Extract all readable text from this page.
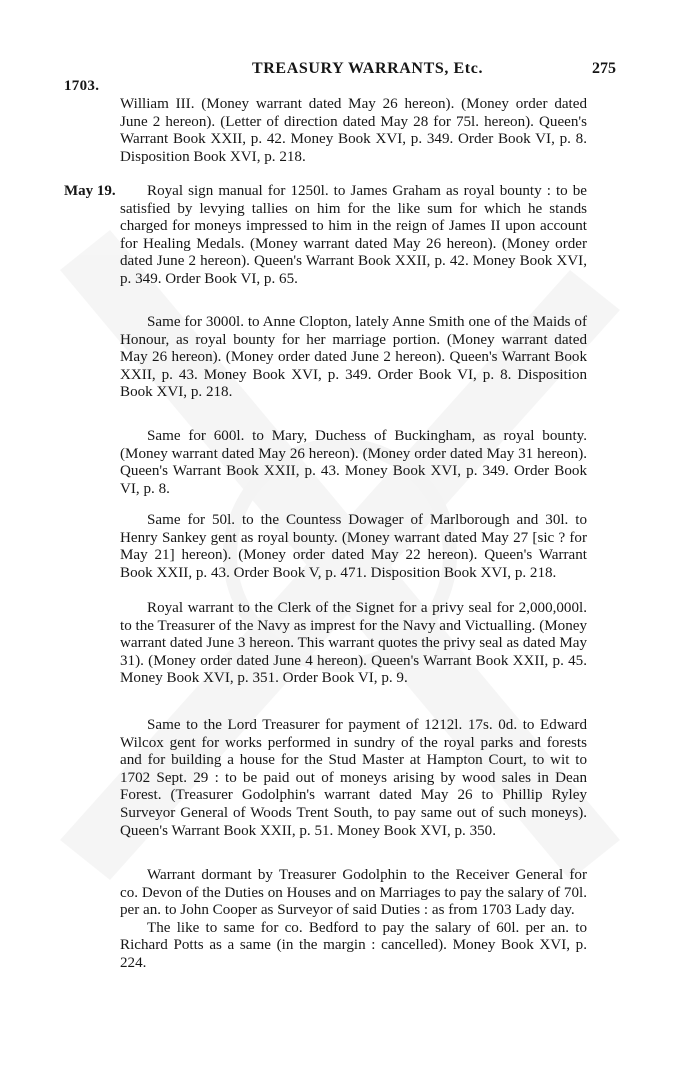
1703.
TREASURY WARRANTS, Etc.	275
May 19.

William III. (Money warrant dated May 26 hereon). (Money order dated June 2 hereon). (Letter of direction dated May 28 for 75l. hereon). Queen's Warrant Book XXII, p. 42. Money Book XVI, p. 349. Order Book VI, p. 8. Disposition Book XVI, p. 218.

Royal sign manual for 1250l. to James Graham as royal bounty : to be satisfied by levying tallies on him for the like sum for which he stands charged for moneys impressed to him in the reign of James II upon account for Healing Medals. (Money warrant dated May 26 hereon). (Money order dated June 2 hereon). Queen's Warrant Book XXII, p. 42. Money Book XVI, p. 349. Order Book VI, p. 65.

Same for 3000l. to Anne Clopton, lately Anne Smith one of the Maids of Honour, as royal bounty for her marriage portion. (Money warrant dated May 26 hereon). (Money order dated June 2 hereon). Queen's Warrant Book XXII, p. 43. Money Book XVI, p. 349. Order Book VI, p. 8. Disposition Book XVI, p. 218.

Same for 600l. to Mary, Duchess of Buckingham, as royal bounty. (Money warrant dated May 26 hereon). (Money order dated May 31 hereon). Queen's Warrant Book XXII, p. 43. Money Book XVI, p. 349. Order Book VI, p. 8.

Same for 50l. to the Countess Dowager of Marlborough and 30l. to Henry Sankey gent as royal bounty. (Money warrant dated May 27 [sic ? for May 21] hereon). (Money order dated May 22 hereon). Queen's Warrant Book XXII, p. 43. Order Book V, p. 471. Disposition Book XVI, p. 218.

Royal warrant to the Clerk of the Signet for a privy seal for 2,000,000l. to the Treasurer of the Navy as imprest for the Navy and Victualling. (Money warrant dated June 3 hereon. This warrant quotes the privy seal as dated May 31). (Money order dated June 4 hereon). Queen's Warrant Book XXII, p. 45. Money Book XVI, p. 351. Order Book VI, p. 9.

Same to the Lord Treasurer for payment of 1212l. 17s. 0d. to Edward Wilcox gent for works performed in sundry of the royal parks and forests and for building a house for the Stud Master at Hampton Court, to wit to 1702 Sept. 29 : to be paid out of moneys arising by wood sales in Dean Forest. (Treasurer Godolphin's warrant dated May 26 to Phillip Ryley Surveyor General of Woods Trent South, to pay same out of such moneys). Queen's Warrant Book XXII, p. 51. Money Book XVI, p. 350.

Warrant dormant by Treasurer Godolphin to the Receiver General for co. Devon of the Duties on Houses and on Marriages to pay the salary of 70l. per an. to John Cooper as Surveyor of said Duties : as from 1703 Lady day.

The like to same for co. Bedford to pay the salary of 60l. per an. to Richard Potts as a same (in the margin : cancelled). Money Book XVI, p. 224.
